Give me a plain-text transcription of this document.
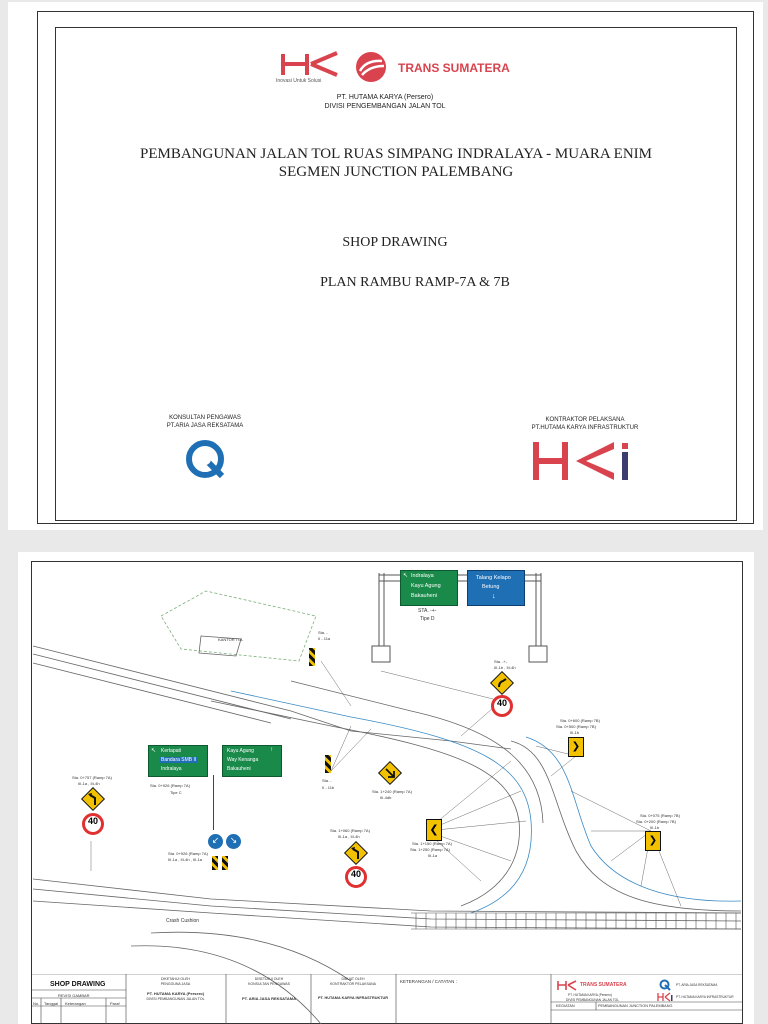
Inovasi Untuk Solusi
TRANS SUMATERA
PT. HUTAMA KARYA (Persero)
DIVISI PENGEMBANGAN JALAN TOL
PEMBANGUNAN JALAN TOL RUAS SIMPANG INDRALAYA - MUARA ENIM
SEGMEN JUNCTION PALEMBANG
SHOP DRAWING
PLAN RAMBU RAMP-7A & 7B
KONSULTAN PENGAWAS
PT.ARIA JASA REKSATAMA
KONTRAKTOR PELAKSANA
PT.HUTAMA KARYA INFRASTRUKTUR
Indralaya
Kayu Agung
Bakauheni
↖	Talang Kelapo
Betung
↓
STA. -+-
Tipe D
KANTOR TOL
Sta. -
II - 11a
Sta. -
II - 11b
Sta. -+-
III-1b , III-4h
40
↖ Kertapati
Bandara SMB II
Indralaya
↑
Kayu Agung
Way Kenanga
Bakauheni
Sta. 0+926 (Ramp 7A)
Tipe C
Sta. 0+757 (Ramp 7A)
III-1a , III-4h
40
↙	↘
Sta. 0+926 (Ramp 7A)
III-1a , III-4h , III-1a
Sta. 1+240 (Ramp 7A)
III-4db
Sta. 1+060 (Ramp 7A)
III-1a , III-4h
40
❮
Sta. 1+150 (Ramp 7A)
Sta. 1+250 (Ramp 7A)
III-1a
Sta. 0+600 (Ramp 7B)
Sta. 0+500 (Ramp 7B)
III-1b
❯
Sta. 0+075 (Ramp 7B)
Sta. 0+200 (Ramp 7B)
III-1b
❯
Crash Cushion
SHOP DRAWING
REVISI GAMBAR
No. Tanggal Keterangan	Paraf
DIKETAHUI OLEH
PENGGUNA JASA
PT. HUTAMA KARYA (Persero)
DIVISI PEMBANGUNAN JALAN TOL
DISETUJUI OLEH
KONSULTAN PENGAWAS
PT. ARIA JASA REKSATAMA
DIBUAT OLEH
KONTRAKTOR PELAKSANA
PT. HUTAMA KARYA INFRASTRUKTUR
KETERANGAN / CATATAN :
TRANS SUMATERA
PT. HUTAMA KARYA (Persero)
DIVISI PEMBANGUNAN JALAN TOL
PT. ARIA JASA REKSATAMA
PT. HUTAMA KARYA INFRASTRUKTUR
KEGIATAN	PEMBANGUNAN JUNCTION PALEMBANG
